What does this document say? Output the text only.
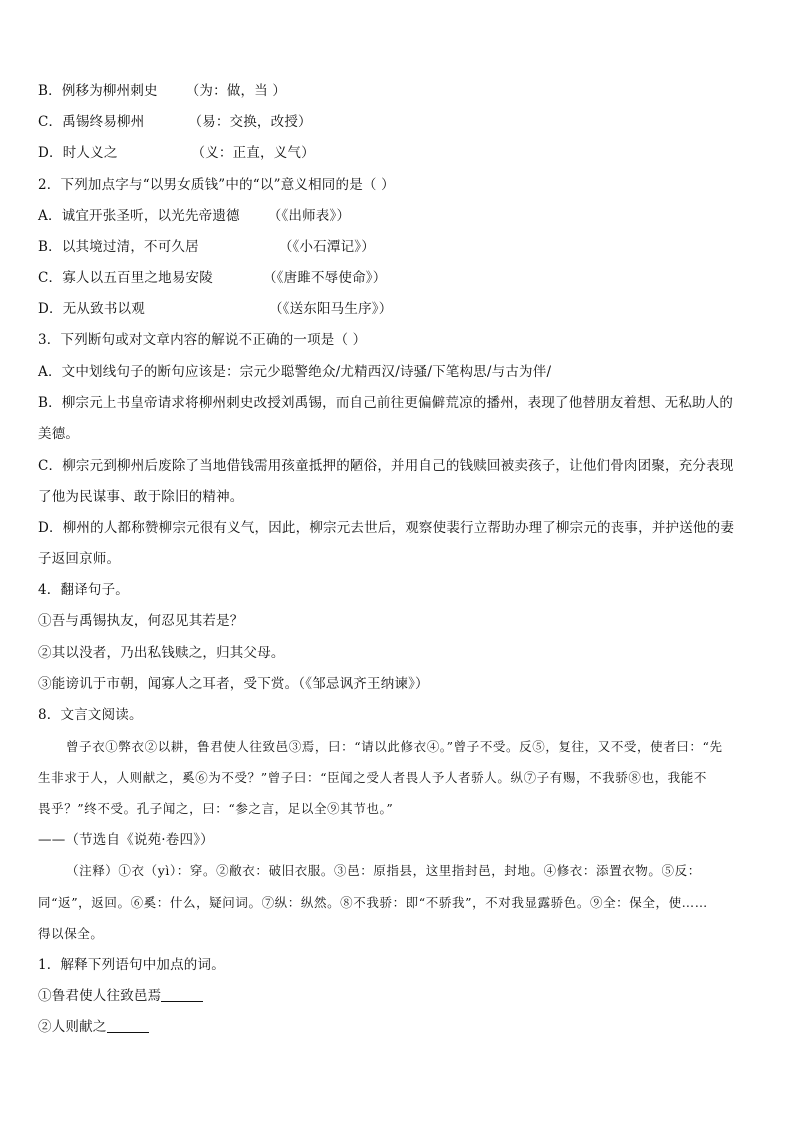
B．例移为柳州刺史 （为：做，当 ）
C．禹锡终易柳州	（易：交换，改授）
D．时人义之	（义：正直，义气）
2．下列加点字与“以男女质钱”中的“以”意义相同的是（ ）
A．诚宜开张圣听，以光先帝遗德 （《出师表》）
B．以其境过清，不可久居	（《小石潭记》）
C．寡人以五百里之地易安陵	（《唐雎不辱使命》）
D．无从致书以观	（《送东阳马生序》）
3．下列断句或对文章内容的解说不正确的一项是（ ）
A．文中划线句子的断句应该是：宗元少聪警绝众/尤精西汉/诗骚/下笔构思/与古为伴/
B．柳宗元上书皇帝请求将柳州刺史改授刘禹锡，而自己前往更偏僻荒凉的播州，表现了他替朋友着想、无私助人的
美德。
C．柳宗元到柳州后废除了当地借钱需用孩童抵押的陋俗，并用自己的钱赎回被卖孩子，让他们骨肉团聚，充分表现
了他为民谋事、敢于除旧的精神。
D．柳州的人都称赞柳宗元很有义气，因此，柳宗元去世后，观察使裴行立帮助办理了柳宗元的丧事，并护送他的妻
子返回京师。
4．翻译句子。
①吾与禹锡执友，何忍见其若是？
②其以没者，乃出私钱赎之，归其父母。
③能谤讥于市朝，闻寡人之耳者，受下赏。（《邹忌讽齐王纳谏》）
8．文言文阅读。
曾子衣①弊衣②以耕，鲁君使人往致邑③焉，曰：“请以此修衣④。”曾子不受。反⑤，复往，又不受，使者曰：“先
生非求于人，人则献之，奚⑥为不受？”曾子曰：“臣闻之受人者畏人予人者骄人。纵⑦子有赐，不我骄⑧也，我能不
畏乎？”终不受。孔子闻之，曰：“参之言，足以全⑨其节也。”
——（节选自《说苑·卷四》）
（注释）①衣（yì）：穿。②敝衣：破旧衣服。③邑：原指县，这里指封邑，封地。④修衣：添置衣物。⑤反：
同“返”，返回。⑥奚：什么，疑问词。⑦纵：纵然。⑧不我骄：即“不骄我”，不对我显露骄色。⑨全：保全，使……
得以保全。
1．解释下列语句中加点的词。
①鲁君使人往致邑焉
②人则献之
